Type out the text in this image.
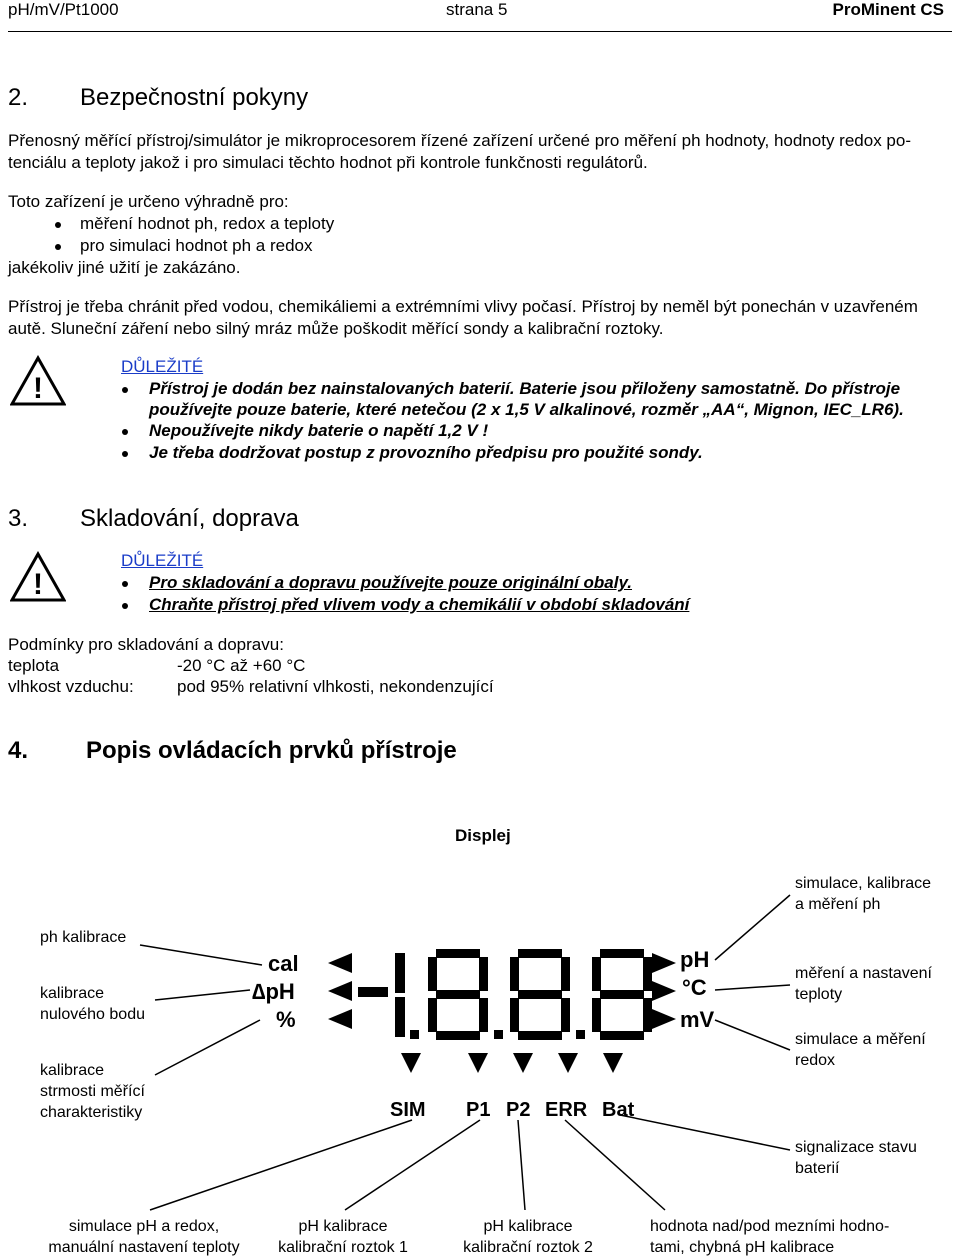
pH/mV/Pt1000	strana 5	ProMinent CS
2. Bezpečnostní pokyny
Přenosný měřící přístroj/simulátor je mikroprocesorem řízené zařízení určené pro měření ph hodnoty, hodnoty redox po-
tenciálu a teploty jakož i pro simulaci těchto hodnot při kontrole funkčnosti regulátorů.
Toto zařízení je určeno výhradně pro:
měření hodnot ph, redox a teploty
pro simulaci hodnot ph a redox
jakékoliv jiné užití je zakázáno.
Přístroj je třeba chránit před vodou, chemikáliemi a extrémními vlivy počasí. Přístroj by neměl být ponechán v uzavřeném
autě. Sluneční záření nebo silný mráz může poškodit měřící sondy a kalibrační roztoky.
!
DŮLEŽITÉ
Přístroj je dodán bez nainstalovaných baterií. Baterie jsou přiloženy samostatně. Do přístroje
používejte pouze baterie, které netečou (2 x 1,5 V alkalinové, rozměr „AA“, Mignon, IEC_LR6).
Nepoužívejte nikdy baterie o napětí 1,2 V !
Je třeba dodržovat postup z provozního předpisu pro použité sondy.
3. Skladování, doprava
!
DŮLEŽITÉ
Pro skladování a dopravu používejte pouze originální obaly.
Chraňte přístroj před vlivem vody a chemikálií v období skladování
Podmínky pro skladování a dopravu:
teplota	-20 °C až +60 °C
vlhkost vzduchu:	pod 95% relativní vlhkosti, nekondenzující
4. Popis ovládacích prvků přístroje
Displej
cal
∆pH
%
pH
°C
mV
SIM P1 P2 ERR Bat
ph kalibrace
kalibrace
nulového bodu
kalibrace
strmosti měřící
charakteristiky
simulace, kalibrace
a měření ph
měření a nastavení
teploty
simulace a měření
redox
signalizace stavu
baterií
simulace pH a redox,
manuální nastavení teploty
pH kalibrace
kalibrační roztok 1
pH kalibrace
kalibrační roztok 2
hodnota nad/pod mezními hodno-
tami, chybná pH kalibrace
